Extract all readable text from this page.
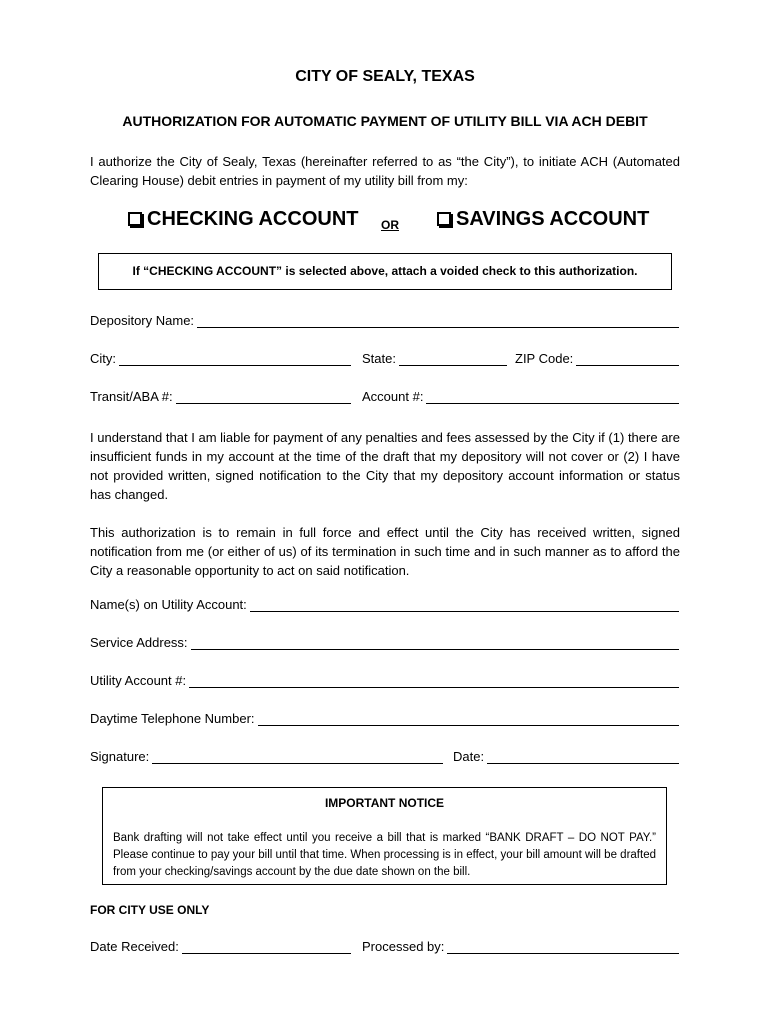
CITY OF SEALY, TEXAS
AUTHORIZATION FOR AUTOMATIC PAYMENT OF UTILITY BILL VIA ACH DEBIT
I authorize the City of Sealy, Texas (hereinafter referred to as “the City”), to initiate ACH (Automated Clearing House) debit entries in payment of my utility bill from my:
CHECKING ACCOUNT OR	SAVINGS ACCOUNT
If “CHECKING ACCOUNT” is selected above, attach a voided check to this authorization.
Depository Name:
City:	State:	ZIP Code:
Transit/ABA #:	Account #:
I understand that I am liable for payment of any penalties and fees assessed by the City if (1) there are insufficient funds in my account at the time of the draft that my depository will not cover or (2) I have not provided written, signed notification to the City that my depository account information or status has changed.
This authorization is to remain in full force and effect until the City has received written, signed notification from me (or either of us) of its termination in such time and in such manner as to afford the City a reasonable opportunity to act on said notification.
Name(s) on Utility Account:
Service Address:
Utility Account #:
Daytime Telephone Number:
Signature:	Date:
IMPORTANT NOTICE
Bank drafting will not take effect until you receive a bill that is marked “BANK DRAFT – DO NOT PAY.” Please continue to pay your bill until that time. When processing is in effect, your bill amount will be drafted from your checking/savings account by the due date shown on the bill.
FOR CITY USE ONLY
Date Received:	Processed by:
